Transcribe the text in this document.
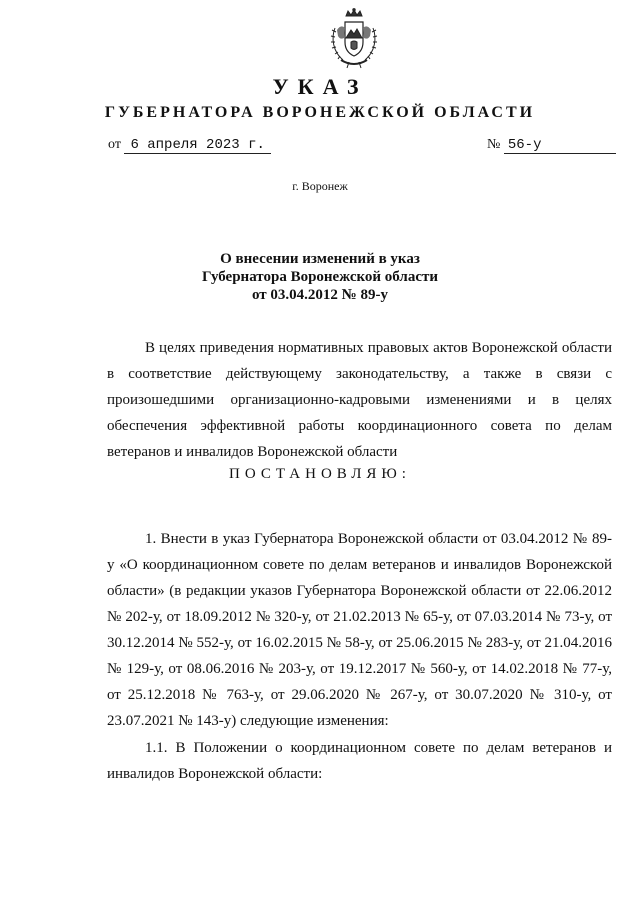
УКАЗ
ГУБЕРНАТОРА ВОРОНЕЖСКОЙ ОБЛАСТИ
от 6 апреля 2023 г.	№ 56-у
г. Воронеж
О внесении изменений в указ
Губернатора Воронежской области
от 03.04.2012 № 89-у

В целях приведения нормативных правовых актов Воронежской области в соответствие действующему законодательству, а также в связи с произошедшими организационно-кадровыми изменениями и в целях обеспечения эффективной работы координационного совета по делам ветеранов и инвалидов Воронежской области

ПОСТАНОВЛЯЮ:

1. Внести в указ Губернатора Воронежской области от 03.04.2012 № 89-у «О координационном совете по делам ветеранов и инвалидов Воронежской области» (в редакции указов Губернатора Воронежской области от 22.06.2012 № 202-у, от 18.09.2012 № 320-у, от 21.02.2013 № 65-у, от 07.03.2014 № 73-у, от 30.12.2014 № 552-у, от 16.02.2015 № 58-у, от 25.06.2015 № 283-у, от 21.04.2016 № 129-у, от 08.06.2016 № 203-у, от 19.12.2017 № 560-у, от 14.02.2018 № 77-у, от 25.12.2018 № 763-у, от 29.06.2020 № 267-у, от 30.07.2020 № 310-у, от 23.07.2021 № 143-у) следующие изменения:

1.1. В Положении о координационном совете по делам ветеранов и инвалидов Воронежской области:
